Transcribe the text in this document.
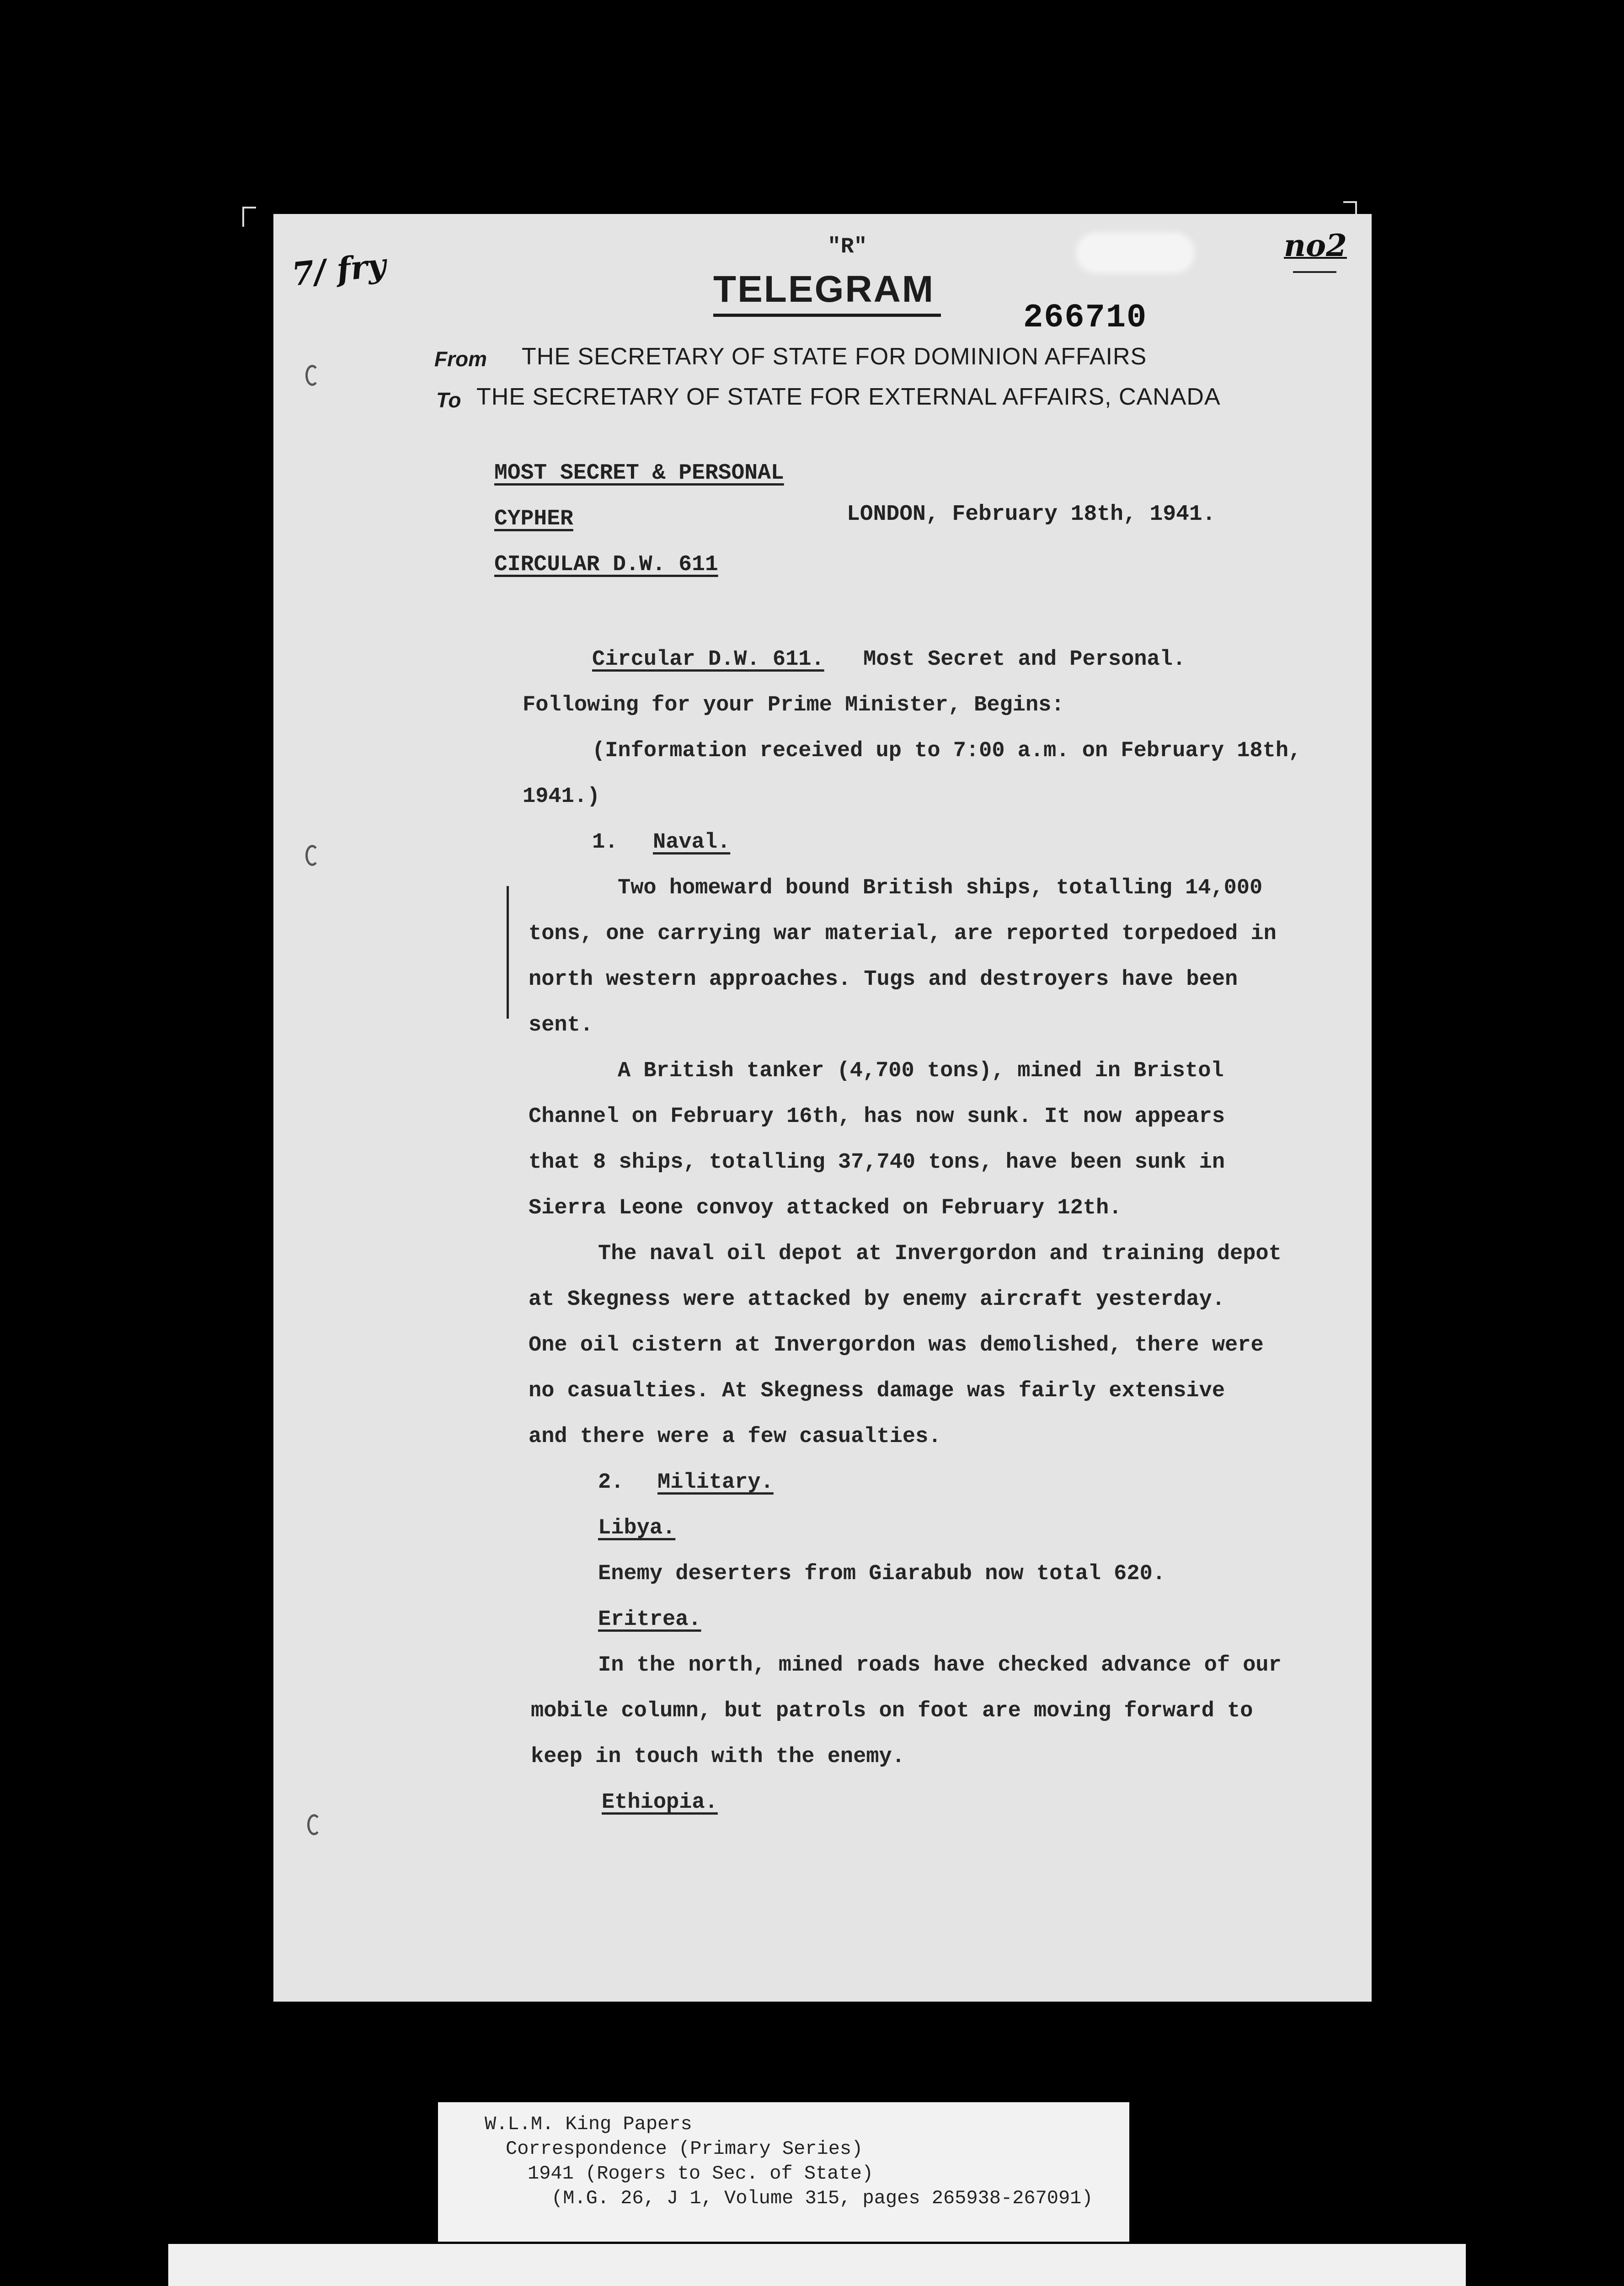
7/ fry
no2
"R"
TELEGRAM
266710
From THE SECRETARY OF STATE FOR DOMINION AFFAIRS
To THE SECRETARY OF STATE FOR EXTERNAL AFFAIRS, CANADA
MOST SECRET & PERSONAL
CYPHER
CIRCULAR D.W. 611
LONDON, February 18th, 1941.
Circular D.W. 611. Most Secret and Personal.
Following for your Prime Minister, Begins:
(Information received up to 7:00 a.m. on February 18th,
1941.)
1. Naval.
Two homeward bound British ships, totalling 14,000
tons, one carrying war material, are reported torpedoed in
north western approaches. Tugs and destroyers have been
sent.
A British tanker (4,700 tons), mined in Bristol
Channel on February 16th, has now sunk. It now appears
that 8 ships, totalling 37,740 tons, have been sunk in
Sierra Leone convoy attacked on February 12th.
The naval oil depot at Invergordon and training depot
at Skegness were attacked by enemy aircraft yesterday.
One oil cistern at Invergordon was demolished, there were
no casualties. At Skegness damage was fairly extensive
and there were a few casualties.
2. Military.
Libya.
Enemy deserters from Giarabub now total 620.
Eritrea.
In the north, mined roads have checked advance of our
mobile column, but patrols on foot are moving forward to
keep in touch with the enemy.
Ethiopia.
W.L.M. King Papers
Correspondence (Primary Series)
1941 (Rogers to Sec. of State)
(M.G. 26, J 1, Volume 315, pages 265938-267091)
